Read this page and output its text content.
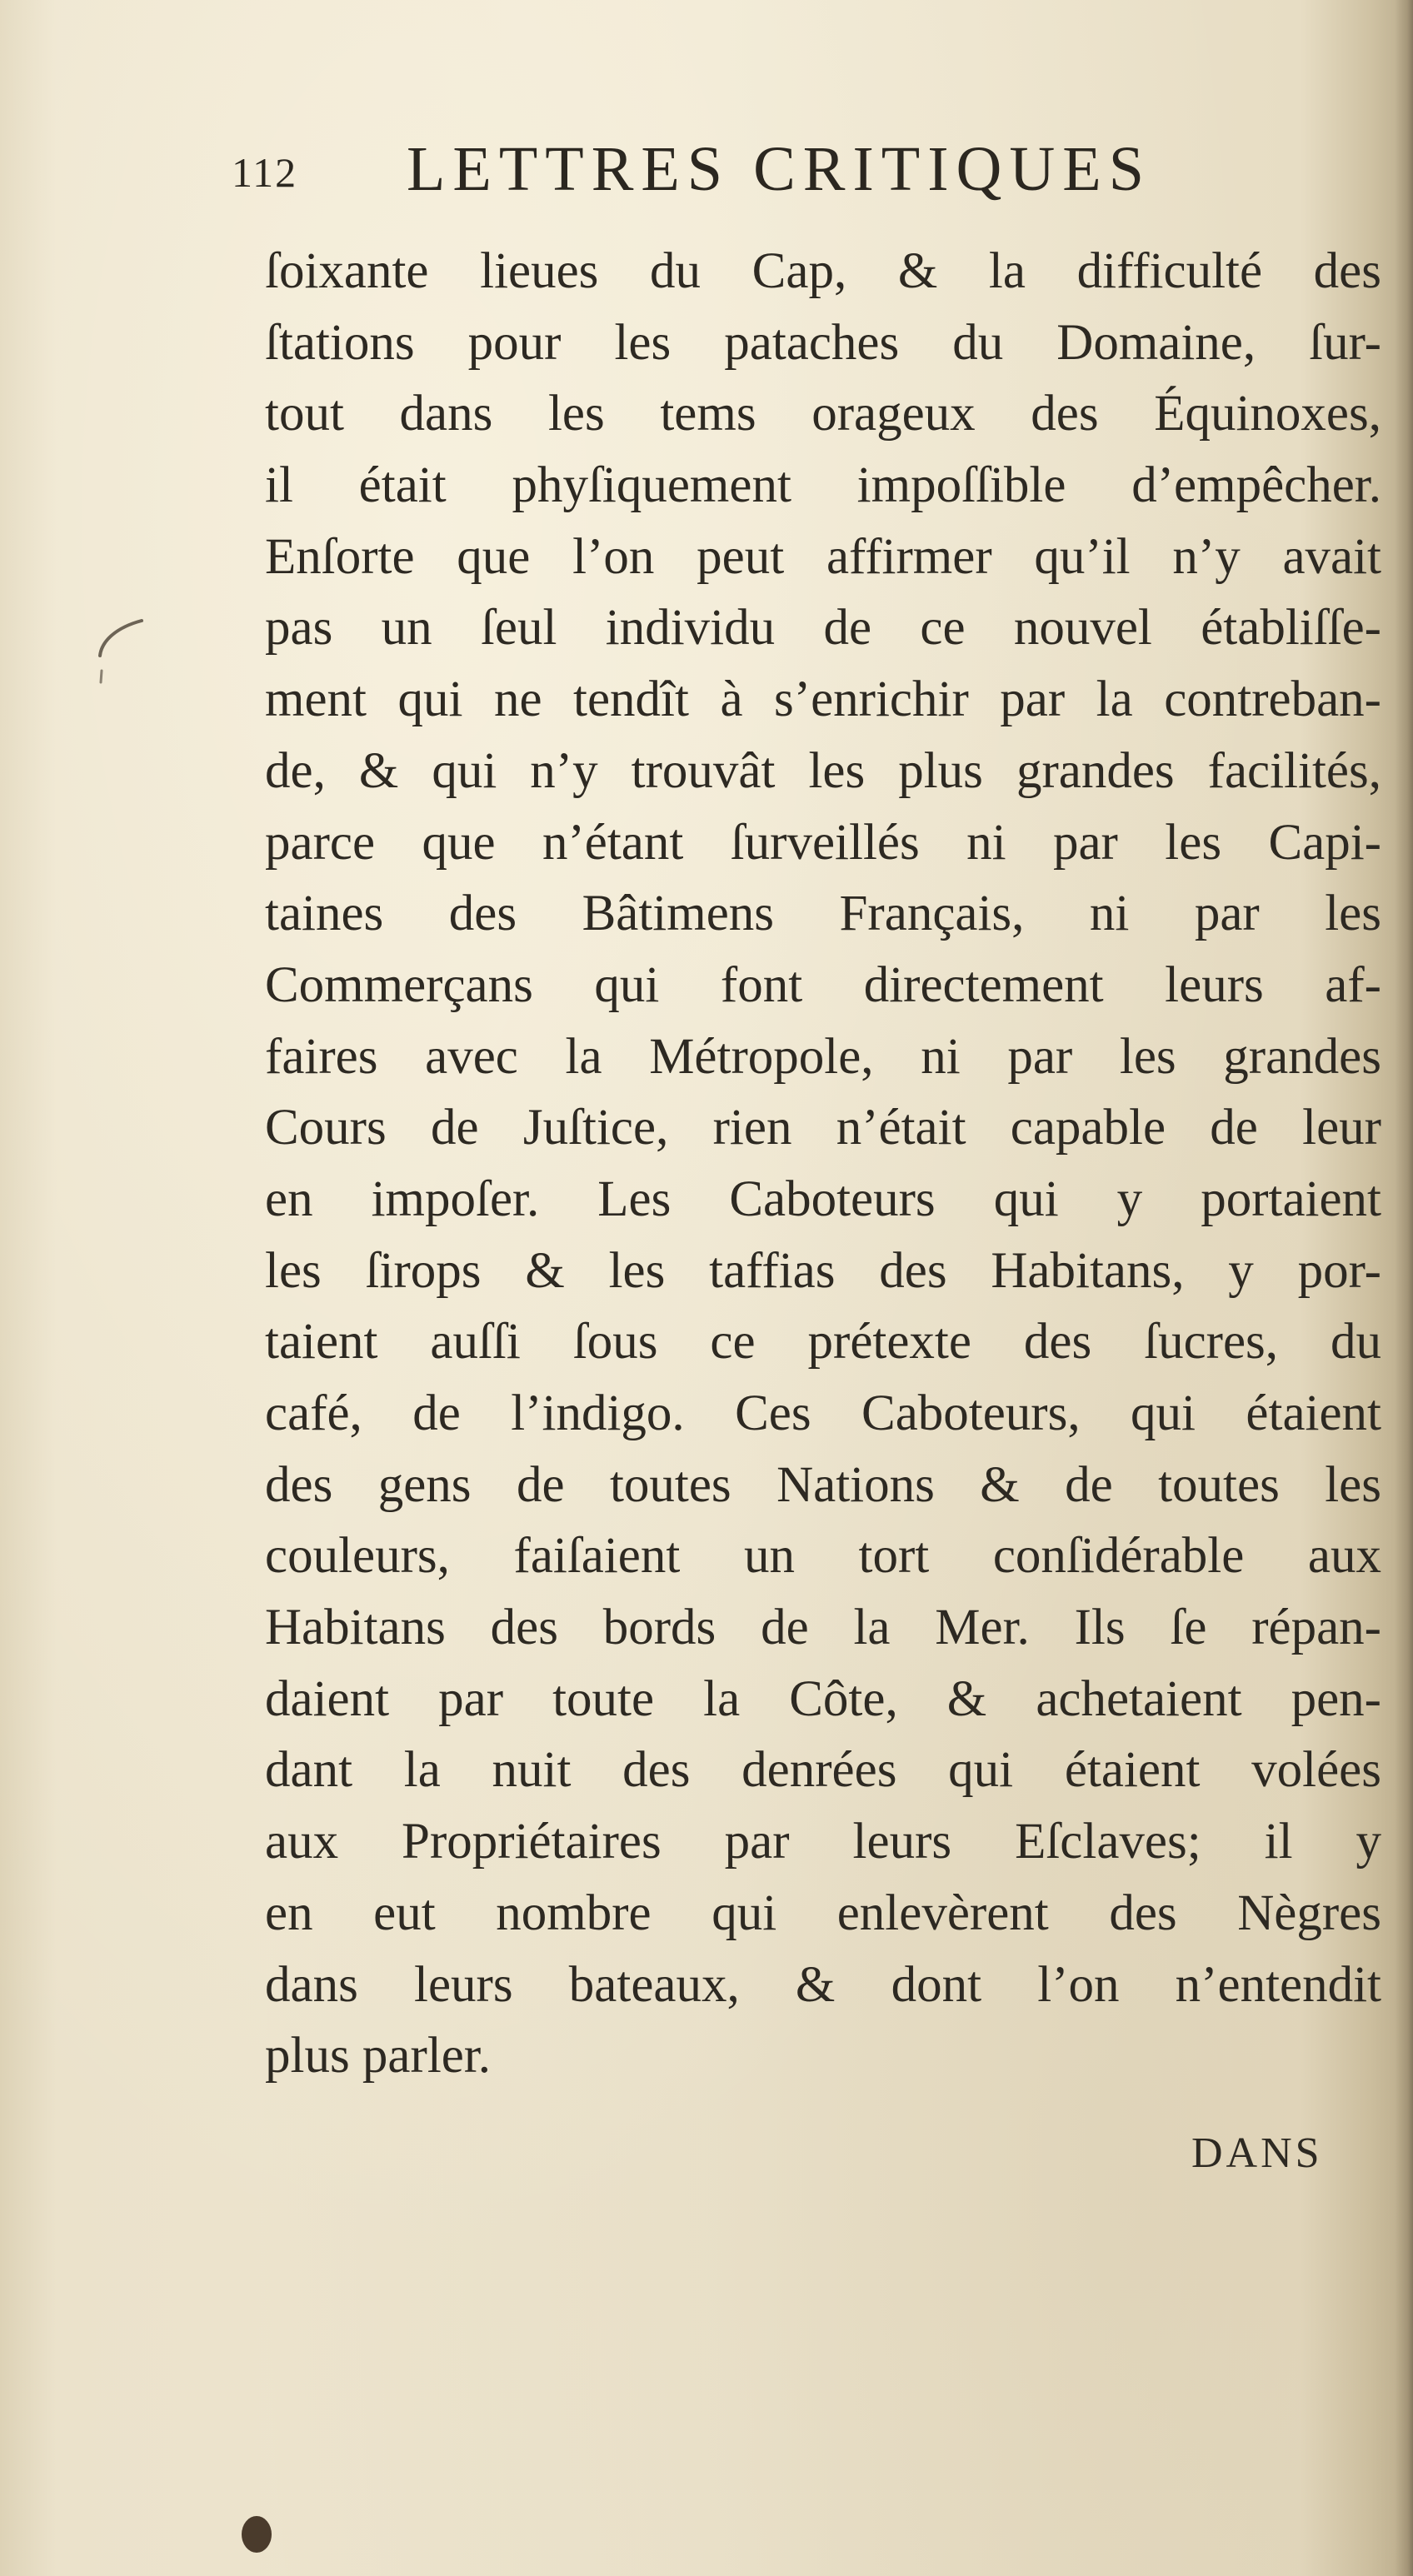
112 LETTRES CRITIQUES
ſoixante lieues du Cap, & la difficulté des
ſtations pour les pataches du Domaine, ſur-
tout dans les tems orageux des Équinoxes,
il était phyſiquement impoſſible d’empêcher.
Enſorte que l’on peut affirmer qu’il n’y avait
pas un ſeul individu de ce nouvel établiſſe-
ment qui ne tendît à s’enrichir par la contreban-
de, & qui n’y trouvât les plus grandes facilités,
parce que n’étant ſurveillés ni par les Capi-
taines des Bâtimens Français, ni par les
Commerçans qui font directement leurs af-
faires avec la Métropole, ni par les grandes
Cours de Juſtice, rien n’était capable de leur
en impoſer. Les Caboteurs qui y portaient
les ſirops & les taffias des Habitans, y por-
taient auſſi ſous ce prétexte des ſucres, du
café, de l’indigo. Ces Caboteurs, qui étaient
des gens de toutes Nations & de toutes les
couleurs, faiſaient un tort conſidérable aux
Habitans des bords de la Mer. Ils ſe répan-
daient par toute la Côte, & achetaient pen-
dant la nuit des denrées qui étaient volées
aux Propriétaires par leurs Eſclaves; il y
en eut nombre qui enlevèrent des Nègres
dans leurs bateaux, & dont l’on n’entendit
plus parler.
DANS
